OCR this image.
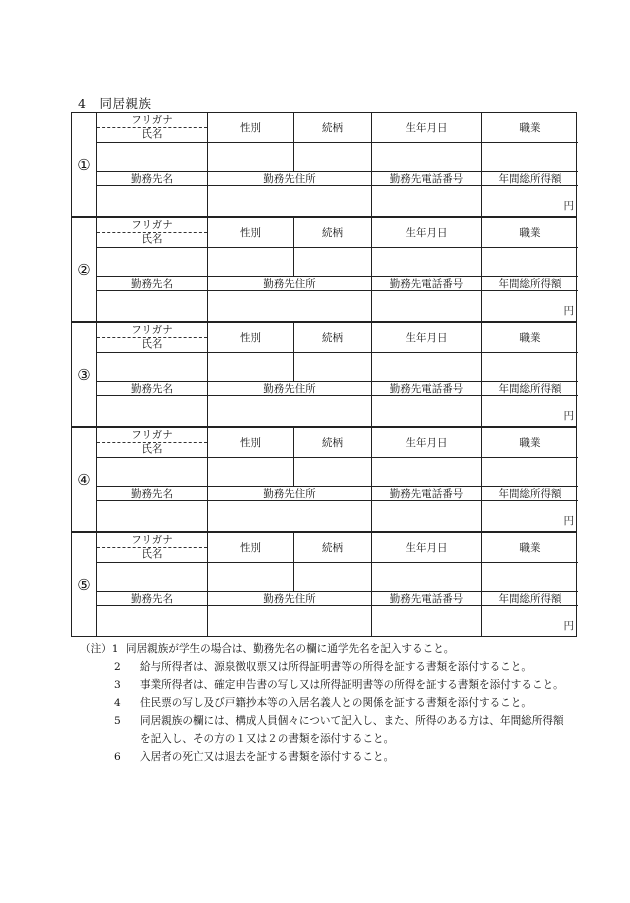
4　同居親族
①
フリガナ
氏名	性別	続柄	生年月日	職業
勤務先名	勤務先住所	勤務先電話番号	年間総所得額
円
②
フリガナ
氏名	性別	続柄	生年月日	職業
勤務先名	勤務先住所	勤務先電話番号	年間総所得額
円
③
フリガナ
氏名	性別	続柄	生年月日	職業
勤務先名	勤務先住所	勤務先電話番号	年間総所得額
円
④
フリガナ
氏名	性別	続柄	生年月日	職業
勤務先名	勤務先住所	勤務先電話番号	年間総所得額
円
⑤
フリガナ
氏名	性別	続柄	生年月日	職業
勤務先名	勤務先住所	勤務先電話番号	年間総所得額
円
（注）1 同居親族が学生の場合は、勤務先名の欄に通学先名を記入すること。
2	給与所得者は、源泉徴収票又は所得証明書等の所得を証する書類を添付すること。
3	事業所得者は、確定申告書の写し又は所得証明書等の所得を証する書類を添付すること。
4	住民票の写し及び戸籍抄本等の入居名義人との関係を証する書類を添付すること。
5	同居親族の欄には、構成人員個々について記入し、また、所得のある方は、年間総所得額を記入し、その方の１又は２の書類を添付すること。
6	入居者の死亡又は退去を証する書類を添付すること。
